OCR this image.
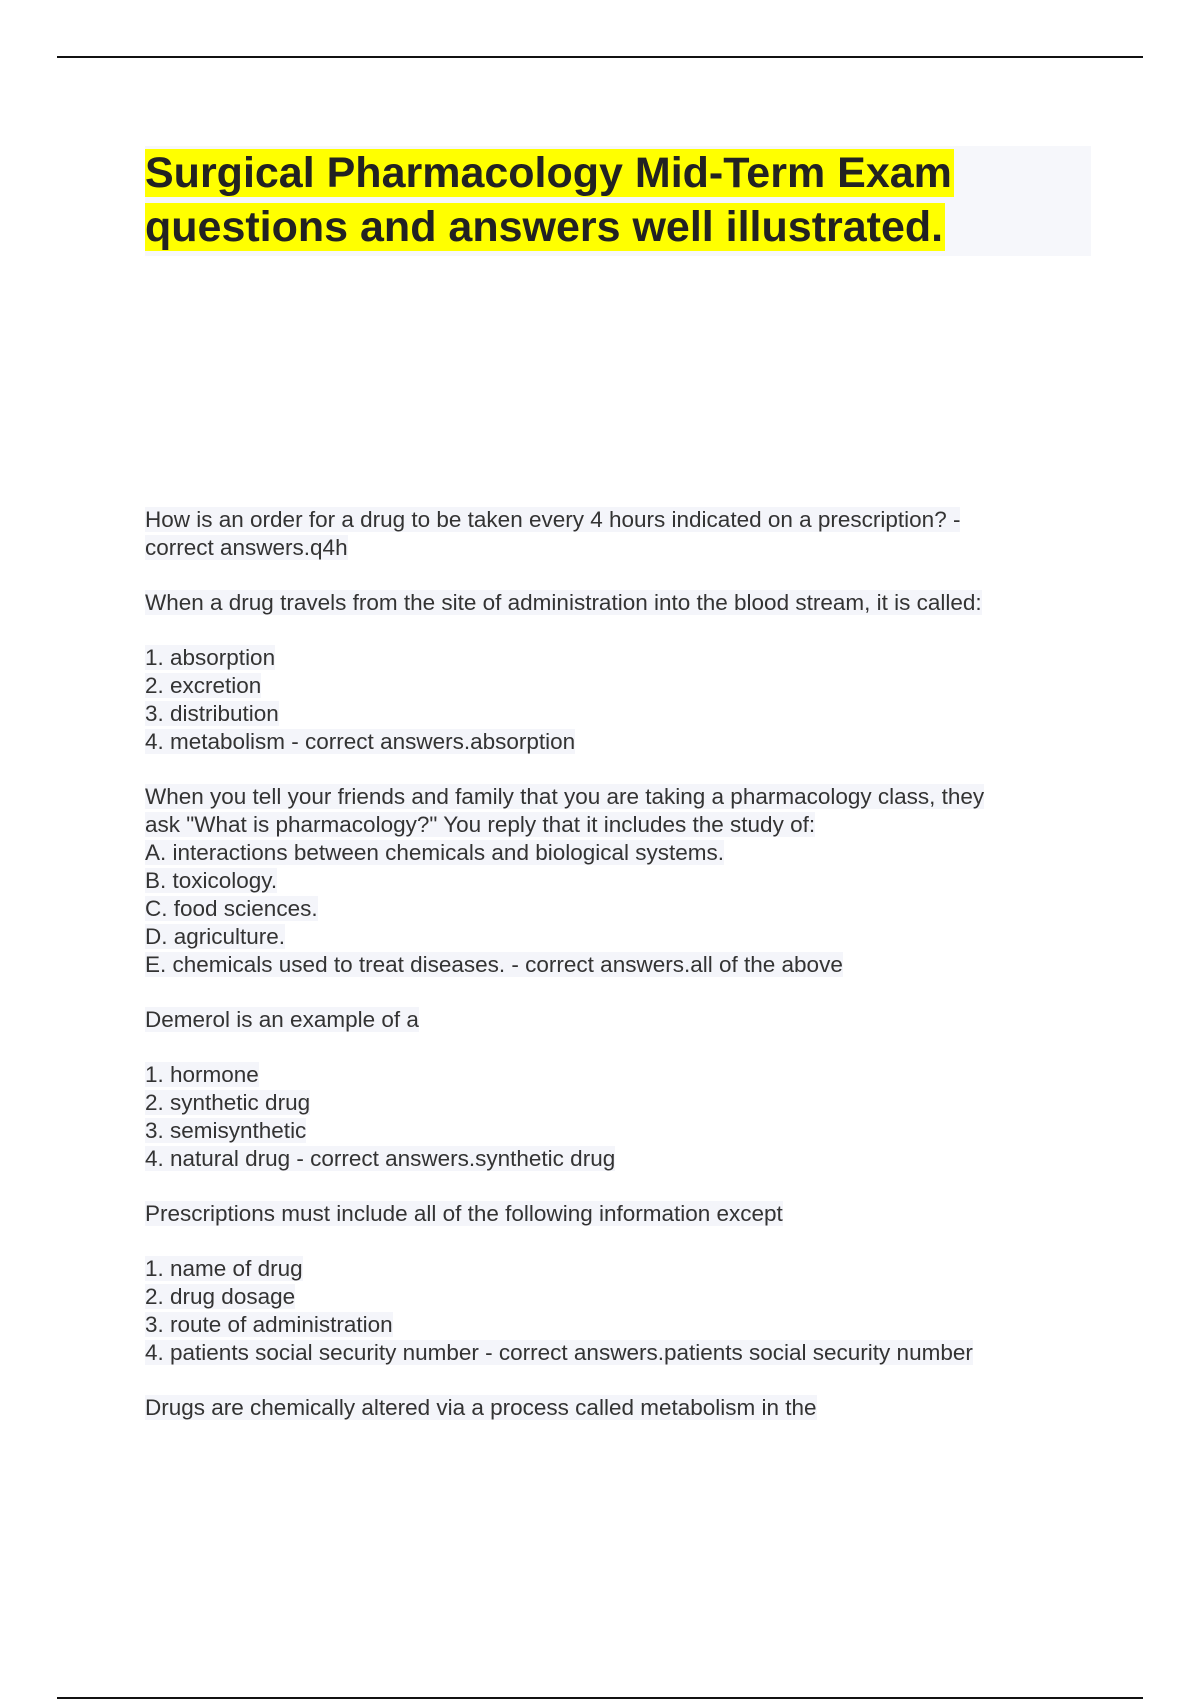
Surgical Pharmacology Mid-Term Exam
questions and answers well illustrated.
How is an order for a drug to be taken every 4 hours indicated on a prescription? -
correct answers.q4h
When a drug travels from the site of administration into the blood stream, it is called:
1. absorption
2. excretion
3. distribution
4. metabolism - correct answers.absorption
When you tell your friends and family that you are taking a pharmacology class, they
ask "What is pharmacology?" You reply that it includes the study of:
A. interactions between chemicals and biological systems.
B. toxicology.
C. food sciences.
D. agriculture.
E. chemicals used to treat diseases. - correct answers.all of the above
Demerol is an example of a
1. hormone
2. synthetic drug
3. semisynthetic
4. natural drug - correct answers.synthetic drug
Prescriptions must include all of the following information except
1. name of drug
2. drug dosage
3. route of administration
4. patients social security number - correct answers.patients social security number
Drugs are chemically altered via a process called metabolism in the
